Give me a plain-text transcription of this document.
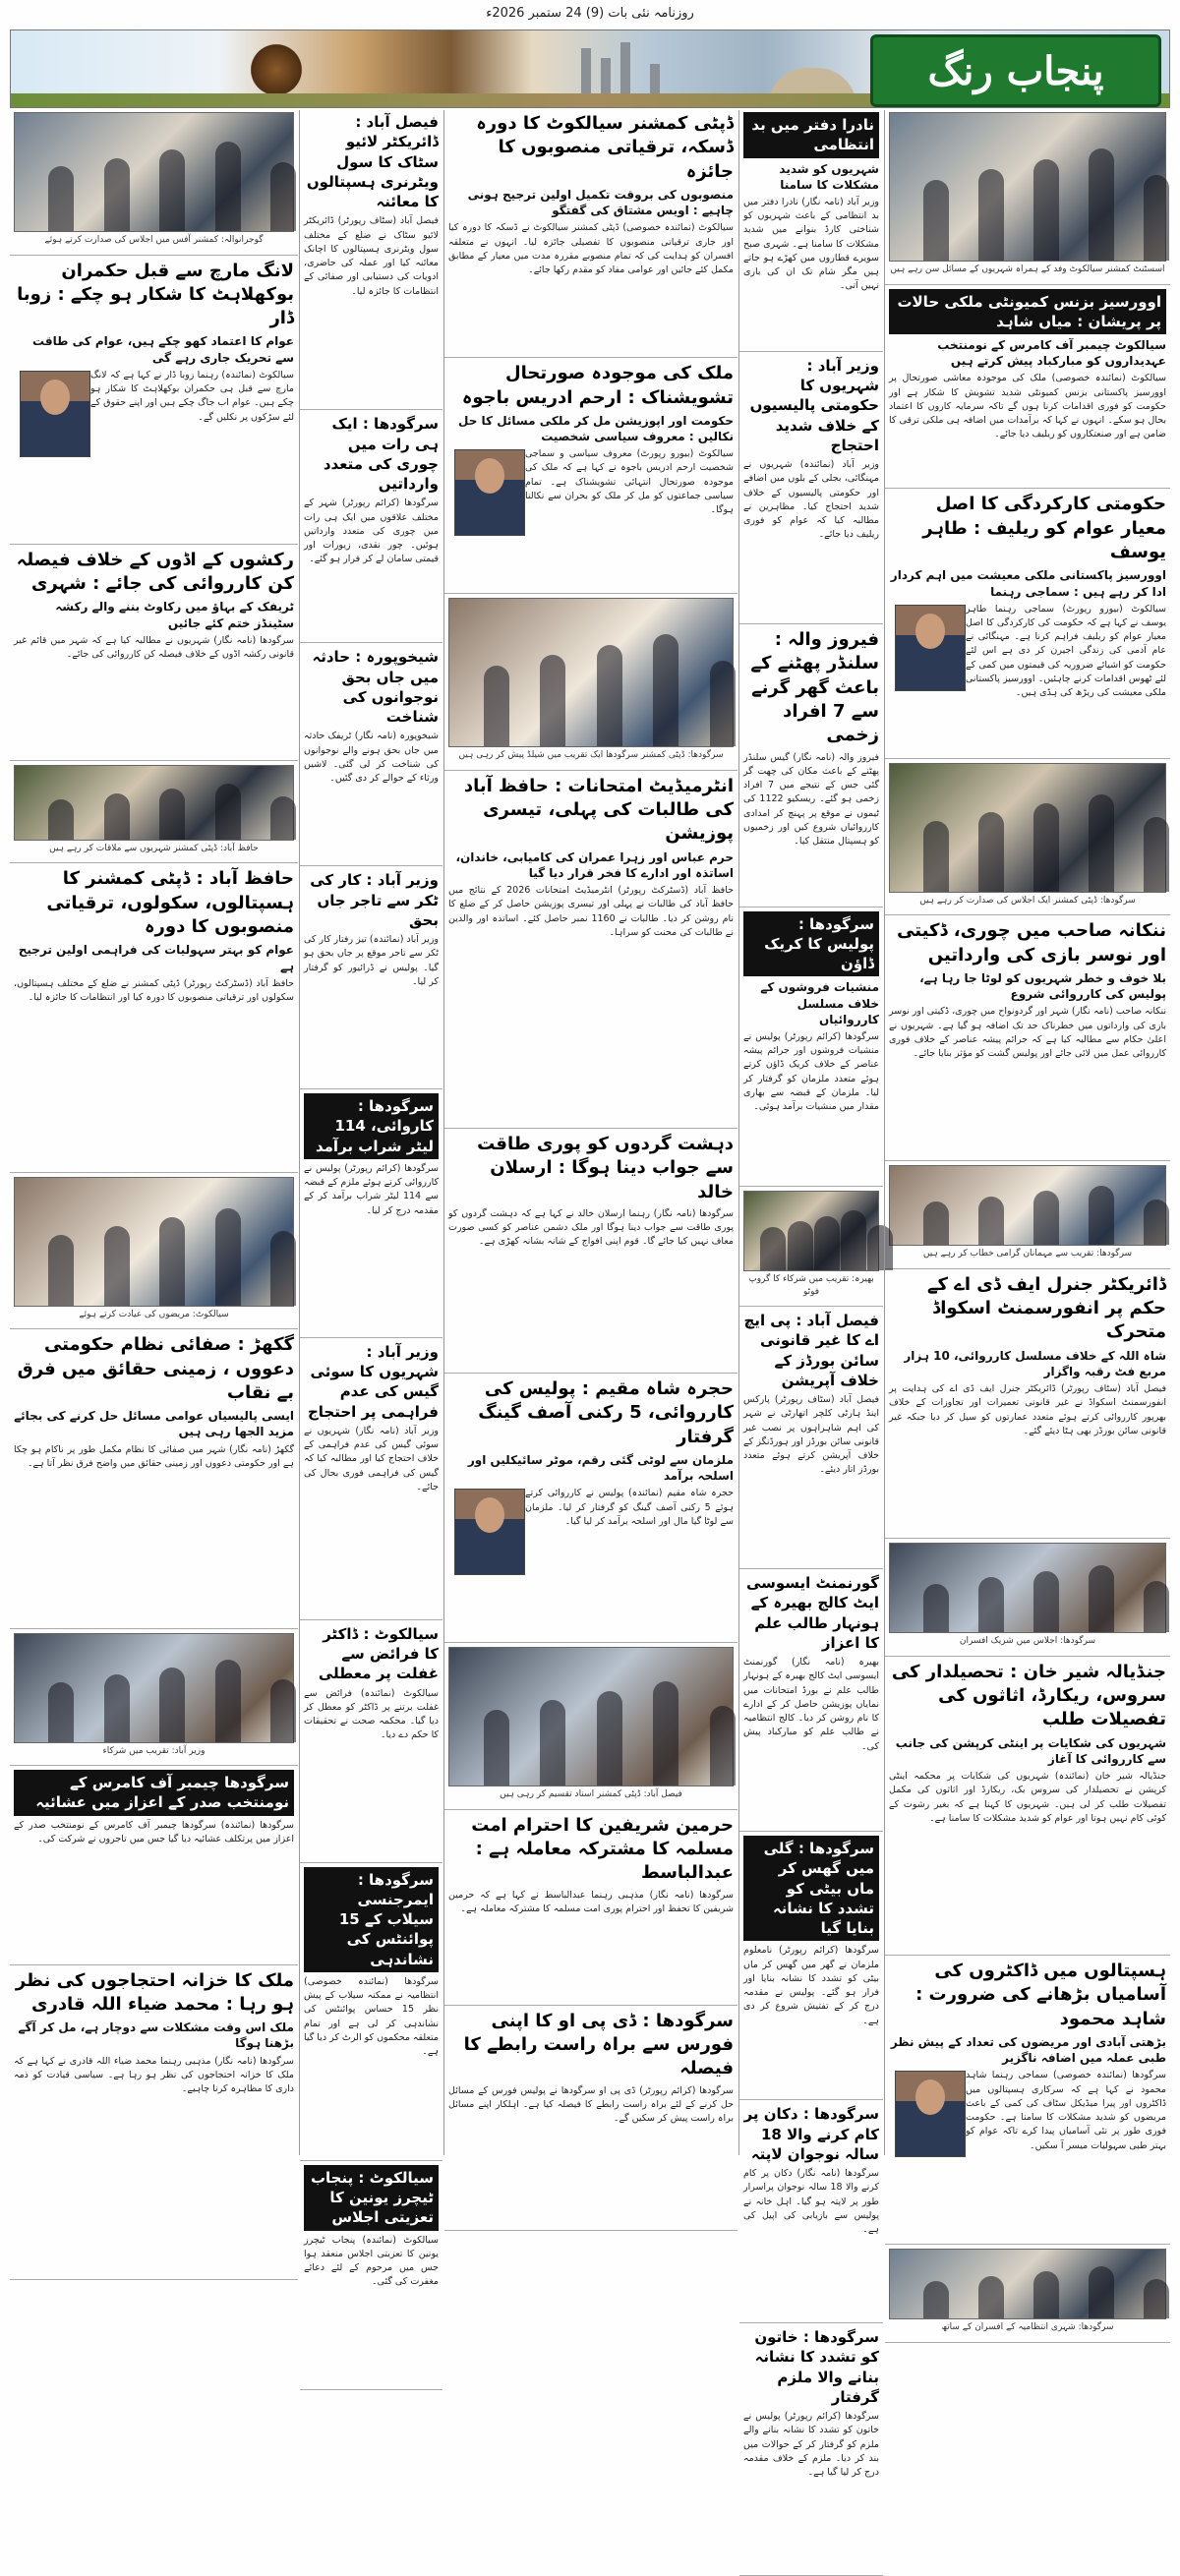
روزنامہ نئی بات (9) 24 ستمبر 2026ء
پنجاب رنگ
اسسٹنٹ کمشنر سیالکوٹ وفد کے ہمراہ شہریوں کے مسائل سن رہے ہیں
اوورسیز بزنس کمیونٹی ملکی حالات پر پریشان : میاں شاہد
سیالکوٹ چیمبر آف کامرس کے نومنتخب عہدیداروں کو مبارکباد پیش کرتے ہیں
سیالکوٹ (نمائندہ خصوصی) ملک کی موجودہ معاشی صورتحال پر اوورسیز پاکستانی بزنس کمیونٹی شدید تشویش کا شکار ہے اور حکومت کو فوری اقدامات کرنا ہوں گے تاکہ سرمایہ کاروں کا اعتماد بحال ہو سکے۔ انہوں نے کہا کہ برآمدات میں اضافہ ہی ملکی ترقی کا ضامن ہے اور صنعتکاروں کو ریلیف دیا جائے۔
حکومتی کارکردگی کا اصل معیار عوام کو ریلیف : طاہر یوسف
اوورسیز پاکستانی ملکی معیشت میں اہم کردار ادا کر رہے ہیں : سماجی رہنما
سیالکوٹ (بیورو رپورٹ) سماجی رہنما طاہر یوسف نے کہا ہے کہ حکومت کی کارکردگی کا اصل معیار عوام کو ریلیف فراہم کرنا ہے۔ مہنگائی نے عام آدمی کی زندگی اجیرن کر دی ہے اس لئے حکومت کو اشیائے ضروریہ کی قیمتوں میں کمی کے لئے ٹھوس اقدامات کرنے چاہئیں۔ اوورسیز پاکستانی ملکی معیشت کی ریڑھ کی ہڈی ہیں۔
سرگودھا: ڈپٹی کمشنر ایک اجلاس کی صدارت کر رہے ہیں
ننکانہ صاحب میں چوری، ڈکیتی اور نوسر بازی کی وارداتیں
بلا خوف و خطر شہریوں کو لوٹا جا رہا ہے، پولیس کی کارروائی شروع
ننکانہ صاحب (نامہ نگار) شہر اور گردونواح میں چوری، ڈکیتی اور نوسر بازی کی وارداتوں میں خطرناک حد تک اضافہ ہو گیا ہے۔ شہریوں نے اعلیٰ حکام سے مطالبہ کیا ہے کہ جرائم پیشہ عناصر کے خلاف فوری کارروائی عمل میں لائی جائے اور پولیس گشت کو مؤثر بنایا جائے۔
سرگودھا: تقریب سے مہمانان گرامی خطاب کر رہے ہیں
ڈائریکٹر جنرل ایف ڈی اے کے حکم پر انفورسمنٹ اسکواڈ متحرک
شاہ اللہ کے خلاف مسلسل کارروائی، 10 ہزار مربع فٹ رقبہ واگزار
فیصل آباد (سٹاف رپورٹر) ڈائریکٹر جنرل ایف ڈی اے کی ہدایت پر انفورسمنٹ اسکواڈ نے غیر قانونی تعمیرات اور تجاوزات کے خلاف بھرپور کارروائی کرتے ہوئے متعدد عمارتوں کو سیل کر دیا جبکہ غیر قانونی سائن بورڈز بھی ہٹا دیئے گئے۔
سرگودھا: اجلاس میں شریک افسران
جنڈیالہ شیر خان : تحصیلدار کی سروس، ریکارڈ، اثاثوں کی تفصیلات طلب
شہریوں کی شکایات پر اینٹی کرپشن کی جانب سے کارروائی کا آغاز
جنڈیالہ شیر خان (نمائندہ) شہریوں کی شکایات پر محکمہ اینٹی کرپشن نے تحصیلدار کی سروس بک، ریکارڈ اور اثاثوں کی مکمل تفصیلات طلب کر لی ہیں۔ شہریوں کا کہنا ہے کہ بغیر رشوت کے کوئی کام نہیں ہوتا اور عوام کو شدید مشکلات کا سامنا ہے۔
ہسپتالوں میں ڈاکٹروں کی آسامیاں بڑھانے کی ضرورت : شاہد محمود
بڑھتی آبادی اور مریضوں کی تعداد کے پیش نظر طبی عملہ میں اضافہ ناگزیر
سرگودھا (نمائندہ خصوصی) سماجی رہنما شاہد محمود نے کہا ہے کہ سرکاری ہسپتالوں میں ڈاکٹروں اور پیرا میڈیکل سٹاف کی کمی کے باعث مریضوں کو شدید مشکلات کا سامنا ہے۔ حکومت فوری طور پر نئی آسامیاں پیدا کرے تاکہ عوام کو بہتر طبی سہولیات میسر آ سکیں۔
سرگودھا: شہری انتظامیہ کے افسران کے ساتھ
نادرا دفتر میں بد انتظامی
شہریوں کو شدید مشکلات کا سامنا
وزیر آباد (نامہ نگار) نادرا دفتر میں بد انتظامی کے باعث شہریوں کو شناختی کارڈ بنوانے میں شدید مشکلات کا سامنا ہے۔ شہری صبح سویرے قطاروں میں کھڑے ہو جاتے ہیں مگر شام تک ان کی باری نہیں آتی۔
وزیر آباد : شہریوں کا حکومتی پالیسیوں کے خلاف شدید احتجاج
وزیر آباد (نمائندہ) شہریوں نے مہنگائی، بجلی کے بلوں میں اضافے اور حکومتی پالیسیوں کے خلاف شدید احتجاج کیا۔ مظاہرین نے مطالبہ کیا کہ عوام کو فوری ریلیف دیا جائے۔
فیروز والہ : سلنڈر پھٹنے کے باعث گھر گرنے سے 7 افراد زخمی
فیروز والہ (نامہ نگار) گیس سلنڈر پھٹنے کے باعث مکان کی چھت گر گئی جس کے نتیجے میں 7 افراد زخمی ہو گئے۔ ریسکیو 1122 کی ٹیموں نے موقع پر پہنچ کر امدادی کارروائیاں شروع کیں اور زخمیوں کو ہسپتال منتقل کیا۔
سرگودھا : پولیس کا کریک ڈاؤن
منشیات فروشوں کے خلاف مسلسل کارروائیاں
سرگودھا (کرائم رپورٹر) پولیس نے منشیات فروشوں اور جرائم پیشہ عناصر کے خلاف کریک ڈاؤن کرتے ہوئے متعدد ملزمان کو گرفتار کر لیا۔ ملزمان کے قبضہ سے بھاری مقدار میں منشیات برآمد ہوئی۔
بھیرہ: تقریب میں شرکاء کا گروپ فوٹو
فیصل آباد : پی ایچ اے کا غیر قانونی سائن بورڈز کے خلاف آپریشن
فیصل آباد (سٹاف رپورٹر) پارکس اینڈ ہارٹی کلچر اتھارٹی نے شہر کی اہم شاہراہوں پر نصب غیر قانونی سائن بورڈز اور ہورڈنگز کے خلاف آپریشن کرتے ہوئے متعدد بورڈز اتار دیئے۔
گورنمنٹ ایسوسی ایٹ کالج بھیرہ کے ہونہار طالب علم کا اعزاز
بھیرہ (نامہ نگار) گورنمنٹ ایسوسی ایٹ کالج بھیرہ کے ہونہار طالب علم نے بورڈ امتحانات میں نمایاں پوزیشن حاصل کر کے ادارے کا نام روشن کر دیا۔ کالج انتظامیہ نے طالب علم کو مبارکباد پیش کی۔
سرگودھا : گلی میں گھس کر ماں بیٹی کو تشدد کا نشانہ بنایا گیا
سرگودھا (کرائم رپورٹر) نامعلوم ملزمان نے گھر میں گھس کر ماں بیٹی کو تشدد کا نشانہ بنایا اور فرار ہو گئے۔ پولیس نے مقدمہ درج کر کے تفتیش شروع کر دی ہے۔
سرگودھا : دکان پر کام کرنے والا 18 سالہ نوجوان لاپتہ
سرگودھا (نامہ نگار) دکان پر کام کرنے والا 18 سالہ نوجوان پراسرار طور پر لاپتہ ہو گیا۔ اہل خانہ نے پولیس سے بازیابی کی اپیل کی ہے۔
سرگودھا : خاتون کو تشدد کا نشانہ بنانے والا ملزم گرفتار
سرگودھا (کرائم رپورٹر) پولیس نے خاتون کو تشدد کا نشانہ بنانے والے ملزم کو گرفتار کر کے حوالات میں بند کر دیا۔ ملزم کے خلاف مقدمہ درج کر لیا گیا ہے۔
ڈپٹی کمشنر سیالکوٹ کا دورہ ڈسکہ، ترقیاتی منصوبوں کا جائزہ
منصوبوں کی بروقت تکمیل اولین ترجیح ہونی چاہیے : اویس مشتاق کی گفتگو
سیالکوٹ (نمائندہ خصوصی) ڈپٹی کمشنر سیالکوٹ نے ڈسکہ کا دورہ کیا اور جاری ترقیاتی منصوبوں کا تفصیلی جائزہ لیا۔ انہوں نے متعلقہ افسران کو ہدایت کی کہ تمام منصوبے مقررہ مدت میں معیار کے مطابق مکمل کئے جائیں اور عوامی مفاد کو مقدم رکھا جائے۔
ملک کی موجودہ صورتحال تشویشناک : ارحم ادریس باجوہ
حکومت اور اپوزیشن مل کر ملکی مسائل کا حل نکالیں : معروف سیاسی شخصیت
سیالکوٹ (بیورو رپورٹ) معروف سیاسی و سماجی شخصیت ارحم ادریس باجوہ نے کہا ہے کہ ملک کی موجودہ صورتحال انتہائی تشویشناک ہے۔ تمام سیاسی جماعتوں کو مل کر ملک کو بحران سے نکالنا ہوگا۔
سرگودھا: ڈپٹی کمشنر سرگودھا ایک تقریب میں شیلڈ پیش کر رہی ہیں
انٹرمیڈیٹ امتحانات : حافظ آباد کی طالبات کی پہلی، تیسری پوزیشن
حرم عباس اور زہرا عمران کی کامیابی، خاندان، اساتذہ اور ادارے کا فخر قرار دیا گیا
حافظ آباد (ڈسٹرکٹ رپورٹر) انٹرمیڈیٹ امتحانات 2026 کے نتائج میں حافظ آباد کی طالبات نے پہلی اور تیسری پوزیشن حاصل کر کے ضلع کا نام روشن کر دیا۔ طالبات نے 1160 نمبر حاصل کئے۔ اساتذہ اور والدین نے طالبات کی محنت کو سراہا۔
دہشت گردوں کو پوری طاقت سے جواب دینا ہوگا : ارسلان خالد
سرگودھا (نامہ نگار) رہنما ارسلان خالد نے کہا ہے کہ دہشت گردوں کو پوری طاقت سے جواب دینا ہوگا اور ملک دشمن عناصر کو کسی صورت معاف نہیں کیا جائے گا۔ قوم اپنی افواج کے شانہ بشانہ کھڑی ہے۔
حجرہ شاہ مقیم : پولیس کی کارروائی، 5 رکنی آصف گینگ گرفتار
ملزمان سے لوٹی گئی رقم، موٹر سائیکلیں اور اسلحہ برآمد
حجرہ شاہ مقیم (نمائندہ) پولیس نے کارروائی کرتے ہوئے 5 رکنی آصف گینگ کو گرفتار کر لیا۔ ملزمان سے لوٹا گیا مال اور اسلحہ برآمد کر لیا گیا۔
فیصل آباد: ڈپٹی کمشنر اسناد تقسیم کر رہی ہیں
حرمین شریفین کا احترام امت مسلمہ کا مشترکہ معاملہ ہے : عبدالباسط
سرگودھا (نامہ نگار) مذہبی رہنما عبدالباسط نے کہا ہے کہ حرمین شریفین کا تحفظ اور احترام پوری امت مسلمہ کا مشترکہ معاملہ ہے۔
سرگودھا : ڈی پی او کا اپنی فورس سے براہ راست رابطے کا فیصلہ
سرگودھا (کرائم رپورٹر) ڈی پی او سرگودھا نے پولیس فورس کے مسائل حل کرنے کے لئے براہ راست رابطے کا فیصلہ کیا ہے۔ اہلکار اپنے مسائل براہ راست پیش کر سکیں گے۔
فیصل آباد : ڈائریکٹر لائیو سٹاک کا سول ویٹرنری ہسپتالوں کا معائنہ
فیصل آباد (سٹاف رپورٹر) ڈائریکٹر لائیو سٹاک نے ضلع کے مختلف سول ویٹرنری ہسپتالوں کا اچانک معائنہ کیا اور عملہ کی حاضری، ادویات کی دستیابی اور صفائی کے انتظامات کا جائزہ لیا۔
سرگودھا : ایک ہی رات میں چوری کی متعدد وارداتیں
سرگودھا (کرائم رپورٹر) شہر کے مختلف علاقوں میں ایک ہی رات میں چوری کی متعدد وارداتیں ہوئیں۔ چور نقدی، زیورات اور قیمتی سامان لے کر فرار ہو گئے۔
شیخوپورہ : حادثہ میں جاں بحق نوجوانوں کی شناخت
شیخوپورہ (نامہ نگار) ٹریفک حادثہ میں جاں بحق ہونے والے نوجوانوں کی شناخت کر لی گئی۔ لاشیں ورثاء کے حوالے کر دی گئیں۔
وزیر آباد : کار کی ٹکر سے تاجر جاں بحق
وزیر آباد (نمائندہ) تیز رفتار کار کی ٹکر سے تاجر موقع پر جاں بحق ہو گیا۔ پولیس نے ڈرائیور کو گرفتار کر لیا۔
سرگودھا : کاروائی، 114 لیٹر شراب برآمد
سرگودھا (کرائم رپورٹر) پولیس نے کارروائی کرتے ہوئے ملزم کے قبضہ سے 114 لیٹر شراب برآمد کر کے مقدمہ درج کر لیا۔
وزیر آباد : شہریوں کا سوئی گیس کی عدم فراہمی پر احتجاج
وزیر آباد (نامہ نگار) شہریوں نے سوئی گیس کی عدم فراہمی کے خلاف احتجاج کیا اور مطالبہ کیا کہ گیس کی فراہمی فوری بحال کی جائے۔
سیالکوٹ : ڈاکٹر کا فرائض سے غفلت پر معطلی
سیالکوٹ (نمائندہ) فرائض سے غفلت برتنے پر ڈاکٹر کو معطل کر دیا گیا۔ محکمہ صحت نے تحقیقات کا حکم دے دیا۔
سرگودھا : ایمرجنسی سیلاب کے 15 پوائنٹس کی نشاندہی
سرگودھا (نمائندہ خصوصی) انتظامیہ نے ممکنہ سیلاب کے پیش نظر 15 حساس پوائنٹس کی نشاندہی کر لی ہے اور تمام متعلقہ محکموں کو الرٹ کر دیا گیا ہے۔
سیالکوٹ : پنجاب ٹیچرز یونین کا تعزیتی اجلاس
سیالکوٹ (نمائندہ) پنجاب ٹیچرز یونین کا تعزیتی اجلاس منعقد ہوا جس میں مرحوم کے لئے دعائے مغفرت کی گئی۔
گوجرانوالہ: کمشنر آفس میں اجلاس کی صدارت کرتے ہوئے
لانگ مارچ سے قبل حکمران بوکھلاہٹ کا شکار ہو چکے : زوبا ڈار
عوام کا اعتماد کھو چکے ہیں، عوام کی طاقت سے تحریک جاری رہے گی
سیالکوٹ (نمائندہ) رہنما زوبا ڈار نے کہا ہے کہ لانگ مارچ سے قبل ہی حکمران بوکھلاہٹ کا شکار ہو چکے ہیں۔ عوام اب جاگ چکے ہیں اور اپنے حقوق کے لئے سڑکوں پر نکلیں گے۔
رکشوں کے اڈوں کے خلاف فیصلہ کن کارروائی کی جائے : شہری
ٹریفک کے بہاؤ میں رکاوٹ بننے والے رکشہ سٹینڈز ختم کئے جائیں
سرگودھا (نامہ نگار) شہریوں نے مطالبہ کیا ہے کہ شہر میں قائم غیر قانونی رکشہ اڈوں کے خلاف فیصلہ کن کارروائی کی جائے۔
حافظ آباد: ڈپٹی کمشنر شہریوں سے ملاقات کر رہے ہیں
حافظ آباد : ڈپٹی کمشنر کا ہسپتالوں، سکولوں، ترقیاتی منصوبوں کا دورہ
عوام کو بہتر سہولیات کی فراہمی اولین ترجیح ہے
حافظ آباد (ڈسٹرکٹ رپورٹر) ڈپٹی کمشنر نے ضلع کے مختلف ہسپتالوں، سکولوں اور ترقیاتی منصوبوں کا دورہ کیا اور انتظامات کا جائزہ لیا۔
سیالکوٹ: مریضوں کی عیادت کرتے ہوئے
گکھڑ : صفائی نظام حکومتی دعووں ، زمینی حقائق میں فرق بے نقاب
ایسی پالیسیاں عوامی مسائل حل کرنے کی بجائے مزید الجھا رہی ہیں
گکھڑ (نامہ نگار) شہر میں صفائی کا نظام مکمل طور پر ناکام ہو چکا ہے اور حکومتی دعووں اور زمینی حقائق میں واضح فرق نظر آتا ہے۔
وزیر آباد: تقریب میں شرکاء
سرگودھا چیمبر آف کامرس کے نومنتخب صدر کے اعزاز میں عشائیہ
سرگودھا (نمائندہ) سرگودھا چیمبر آف کامرس کے نومنتخب صدر کے اعزاز میں پرتکلف عشائیہ دیا گیا جس میں تاجروں نے شرکت کی۔
ملک کا خزانہ احتجاجوں کی نظر ہو رہا : محمد ضیاء اللہ قادری
ملک اس وقت مشکلات سے دوچار ہے، مل کر آگے بڑھنا ہوگا
سرگودھا (نامہ نگار) مذہبی رہنما محمد ضیاء اللہ قادری نے کہا ہے کہ ملک کا خزانہ احتجاجوں کی نظر ہو رہا ہے۔ سیاسی قیادت کو ذمہ داری کا مظاہرہ کرنا چاہیے۔
